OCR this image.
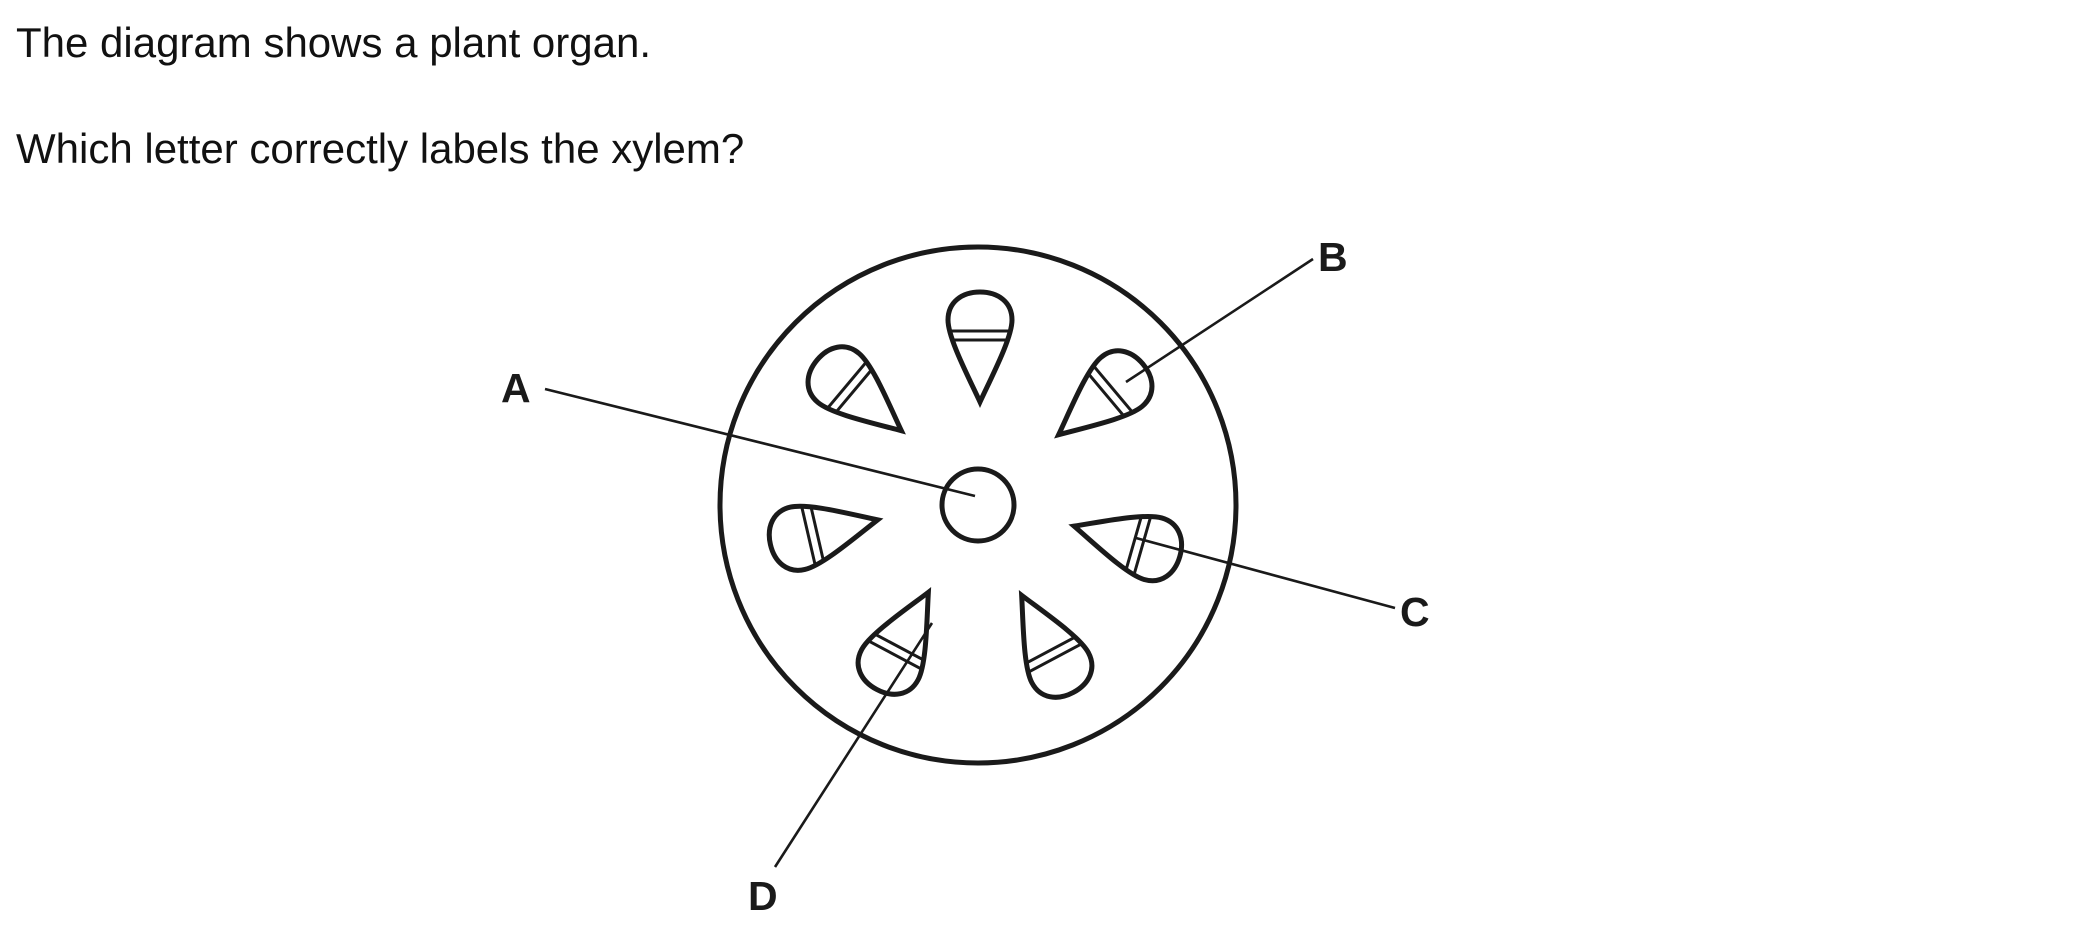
The diagram shows a plant organ.

Which letter correctly labels the xylem?

A
B
C
D
